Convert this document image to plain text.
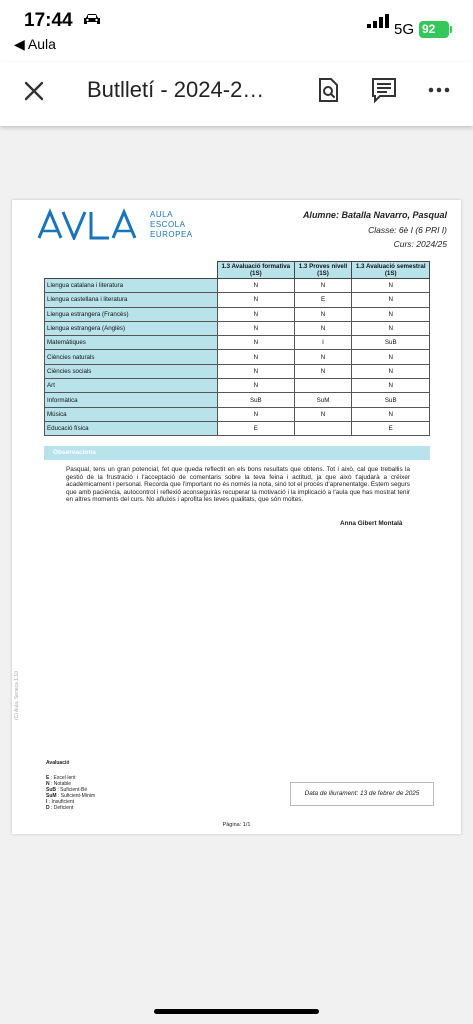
17:44
◀ Aula
5G 92
Butlletí - 2024-2…
AULA
ESCOLA
EUROPEA
Alumne: Batalla Navarro, Pasqual
Classe: 6è I (6 PRI I)
Curs: 2024/25
	1.3 Avaluació formativa (1S)	1.3 Proves nivell (1S)	1.3 Avaluació semestral (1S)
Llengua catalana i literatura	N	N	N
Llengua castellana i literatura	N	E	N
Llengua estrangera (Francès)	N	N	N
Llengua estrangera (Anglès)	N	N	N
Matemàtiques	N	I	SuB
Ciències naturals	N	N	N
Ciències socials	N	N	N
Art	N		N
Informàtica	SuB	SuM	SuB
Música	N	N	N
Educació física	E		E
Observacions
Pasqual, tens un gran potencial, fet que queda reflectit en els bons resultats que obtens. Tot i això, cal que treballis la gestió de la frustració i l'acceptació de comentaris sobre la teva feina i actitud, ja que això t'ajudarà a créixer acadèmicament i personal. Recorda que l'important no és només la nota, sinó tot el procés d'aprenentatge. Estem segurs que amb paciència, autocontrol i reflexió aconseguiràs recuperar la motivació i la implicació a l'aula que has mostrat tenir en altres moments del curs. No afluixis i aprofita les teves qualitats, que són moltes.
Anna Gibert Montalà
(C) Aula, Seneca 1.10
Avaluació
E : Excel·lent
N : Notable
SuB : Suficient-Bé
SuM : Suficient-Mínim
I : Insuficient
D : Deficient
Data de lliurament: 13 de febrer de 2025
Pàgina: 1/1
